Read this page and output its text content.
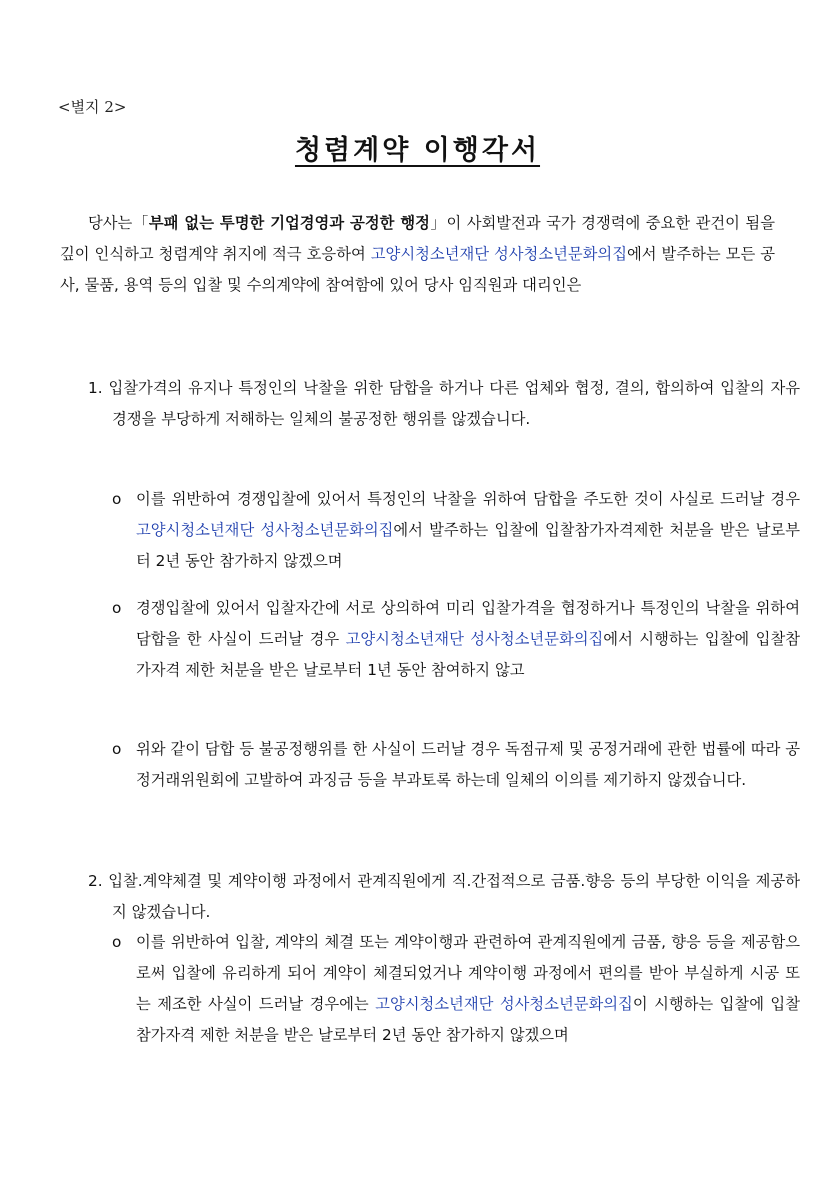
<별지 2>
청렴계약 이행각서

당사는「부패 없는 투명한 기업경영과 공정한 행정」이 사회발전과 국가 경쟁력에 중요한 관건이 됨을 깊이 인식하고 청렴계약 취지에 적극 호응하여 고양시청소년재단 성사청소년문화의집에서 발주하는 모든 공사, 물품, 용역 등의 입찰 및 수의계약에 참여함에 있어 당사 임직원과 대리인은

1. 입찰가격의 유지나 특정인의 낙찰을 위한 담합을 하거나 다른 업체와 협정, 결의, 합의하여 입찰의 자유경쟁을 부당하게 저해하는 일체의 불공정한 행위를 않겠습니다.

o 이를 위반하여 경쟁입찰에 있어서 특정인의 낙찰을 위하여 담합을 주도한 것이 사실로 드러날 경우 고양시청소년재단 성사청소년문화의집에서 발주하는 입찰에 입찰참가자격제한 처분을 받은 날로부터 2년 동안 참가하지 않겠으며

o 경쟁입찰에 있어서 입찰자간에 서로 상의하여 미리 입찰가격을 협정하거나 특정인의 낙찰을 위하여 담합을 한 사실이 드러날 경우 고양시청소년재단 성사청소년문화의집에서 시행하는 입찰에 입찰참가자격 제한 처분을 받은 날로부터 1년 동안 참여하지 않고

o 위와 같이 담합 등 불공정행위를 한 사실이 드러날 경우 독점규제 및 공정거래에 관한 법률에 따라 공정거래위원회에 고발하여 과징금 등을 부과토록 하는데 일체의 이의를 제기하지 않겠습니다.

2. 입찰.계약체결 및 계약이행 과정에서 관계직원에게 직.간접적으로 금품.향응 등의 부당한 이익을 제공하지 않겠습니다.

o 이를 위반하여 입찰, 계약의 체결 또는 계약이행과 관련하여 관계직원에게 금품, 향응 등을 제공함으로써 입찰에 유리하게 되어 계약이 체결되었거나 계약이행 과정에서 편의를 받아 부실하게 시공 또는 제조한 사실이 드러날 경우에는 고양시청소년재단 성사청소년문화의집이 시행하는 입찰에 입찰참가자격 제한 처분을 받은 날로부터 2년 동안 참가하지 않겠으며
